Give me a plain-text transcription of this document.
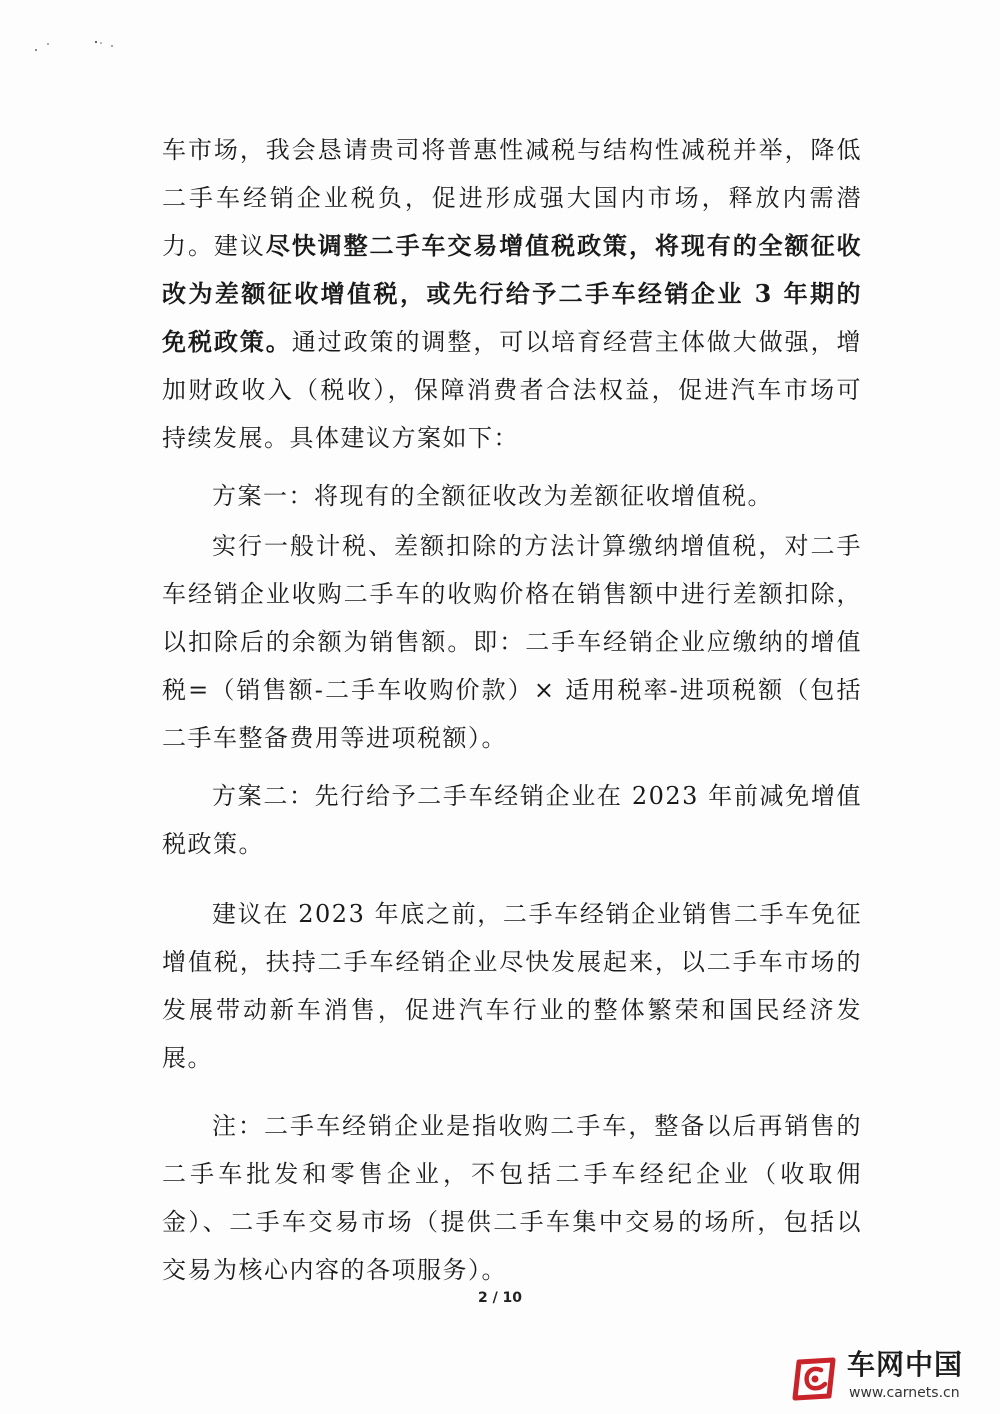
车市场，我会恳请贵司将普惠性减税与结构性减税并举，降低二手车经销企业税负，促进形成强大国内市场，释放内需潜力。建议尽快调整二手车交易增值税政策，将现有的全额征收改为差额征收增值税，或先行给予二手车经销企业 3 年期的免税政策。通过政策的调整，可以培育经营主体做大做强，增加财政收入（税收），保障消费者合法权益，促进汽车市场可持续发展。具体建议方案如下：

方案一：将现有的全额征收改为差额征收增值税。

实行一般计税、差额扣除的方法计算缴纳增值税，对二手车经销企业收购二手车的收购价格在销售额中进行差额扣除，以扣除后的余额为销售额。即：二手车经销企业应缴纳的增值税=（销售额-二手车收购价款）× 适用税率-进项税额（包括二手车整备费用等进项税额）。

方案二：先行给予二手车经销企业在 2023 年前减免增值税政策。

建议在 2023 年底之前，二手车经销企业销售二手车免征增值税，扶持二手车经销企业尽快发展起来，以二手车市场的发展带动新车消售，促进汽车行业的整体繁荣和国民经济发展。

注：二手车经销企业是指收购二手车，整备以后再销售的二手车批发和零售企业，不包括二手车经纪企业（收取佣金）、二手车交易市场（提供二手车集中交易的场所，包括以交易为核心内容的各项服务）。

2 / 10
车网中国
www.carnets.cn
